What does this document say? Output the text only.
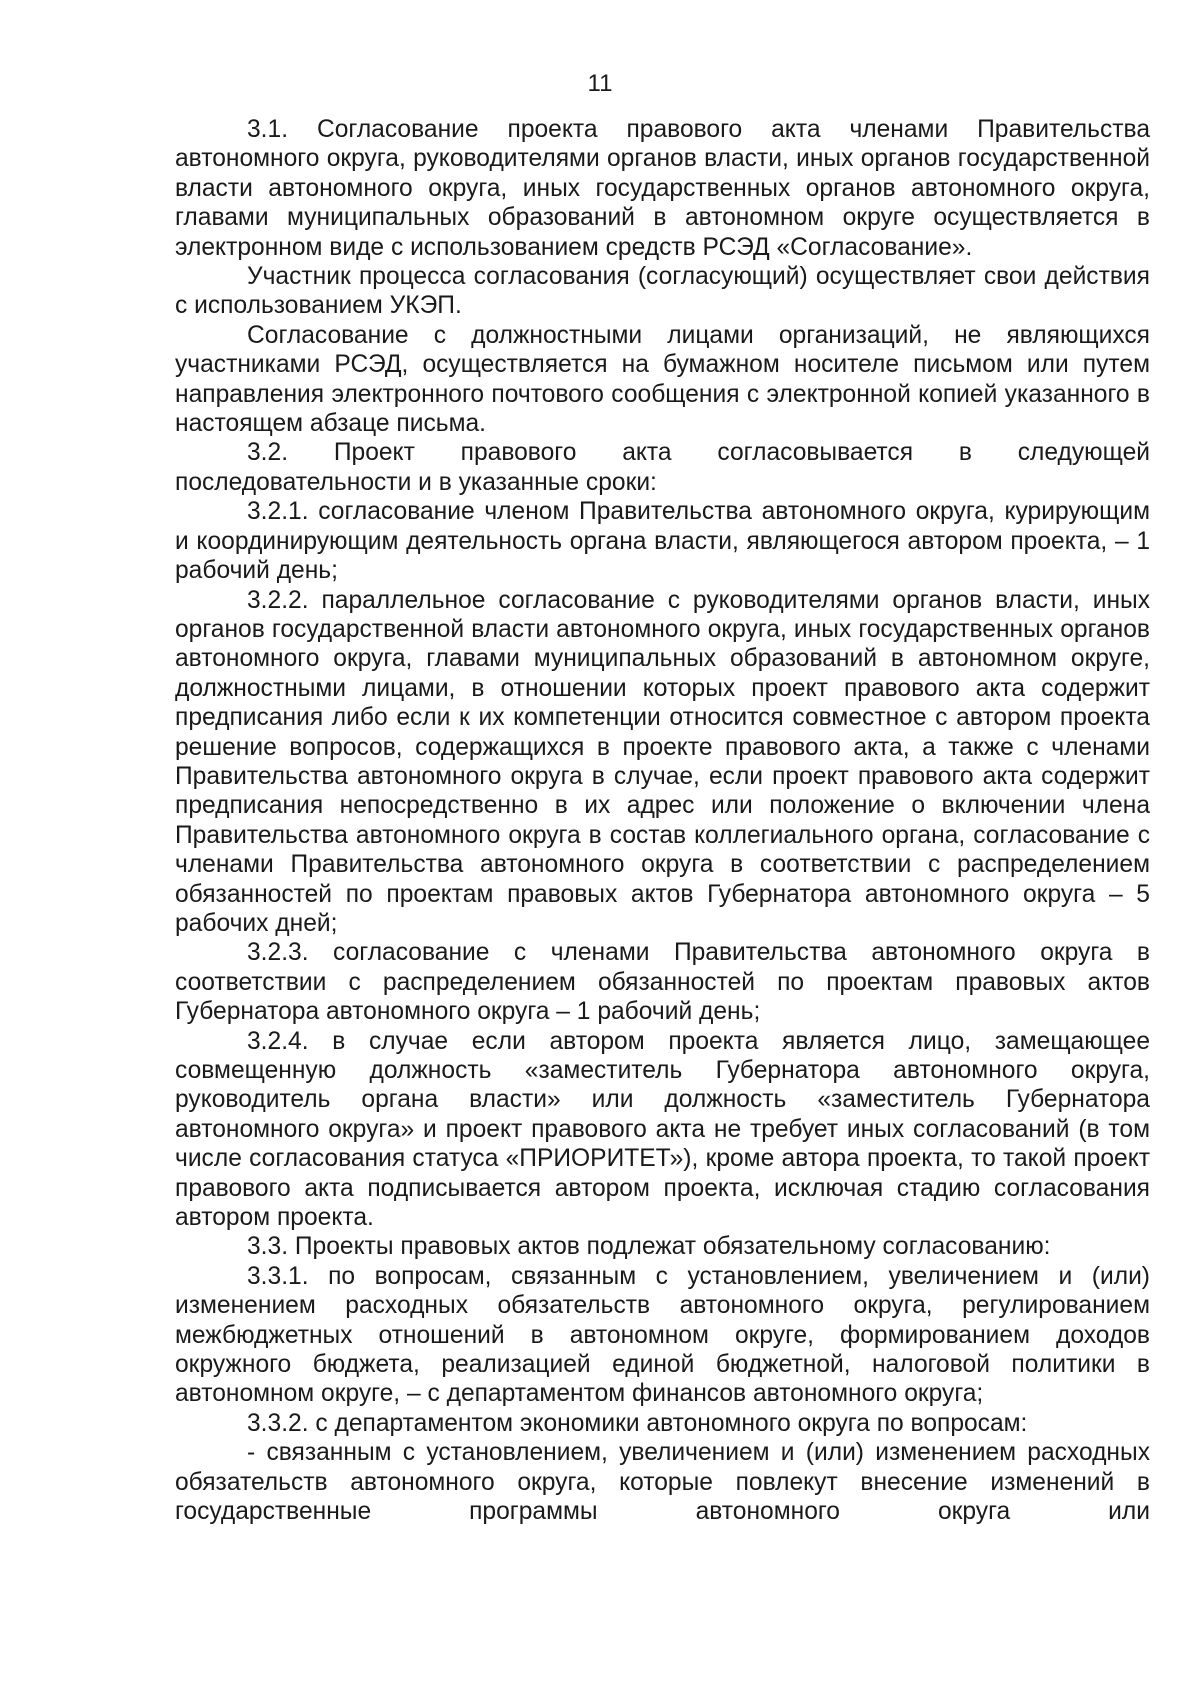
11

3.1. Согласование проекта правового акта членами Правительства автономного округа, руководителями органов власти, иных органов государственной власти автономного округа, иных государственных органов автономного округа, главами муниципальных образований в автономном округе осуществляется в электронном виде с использованием средств РСЭД «Согласование».

Участник процесса согласования (согласующий) осуществляет свои действия с использованием УКЭП.

Согласование с должностными лицами организаций, не являющихся участниками РСЭД, осуществляется на бумажном носителе письмом или путем направления электронного почтового сообщения с электронной копией указанного в настоящем абзаце письма.

3.2. Проект правового акта согласовывается в следующей последовательности и в указанные сроки:

3.2.1. согласование членом Правительства автономного округа, курирующим и координирующим деятельность органа власти, являющегося автором проекта, – 1 рабочий день;

3.2.2. параллельное согласование с руководителями органов власти, иных органов государственной власти автономного округа, иных государственных органов автономного округа, главами муниципальных образований в автономном округе, должностными лицами, в отношении которых проект правового акта содержит предписания либо если к их компетенции относится совместное с автором проекта решение вопросов, содержащихся в проекте правового акта, а также с членами Правительства автономного округа в случае, если проект правового акта содержит предписания непосредственно в их адрес или положение о включении члена Правительства автономного округа в состав коллегиального органа, согласование с членами Правительства автономного округа в соответствии с распределением обязанностей по проектам правовых актов Губернатора автономного округа – 5 рабочих дней;

3.2.3. согласование с членами Правительства автономного округа в соответствии с распределением обязанностей по проектам правовых актов Губернатора автономного округа – 1 рабочий день;

3.2.4. в случае если автором проекта является лицо, замещающее совмещенную должность «заместитель Губернатора автономного округа, руководитель органа власти» или должность «заместитель Губернатора автономного округа» и проект правового акта не требует иных согласований (в том числе согласования статуса «ПРИОРИТЕТ»), кроме автора проекта, то такой проект правового акта подписывается автором проекта, исключая стадию согласования автором проекта.

3.3. Проекты правовых актов подлежат обязательному согласованию:

3.3.1. по вопросам, связанным с установлением, увеличением и (или) изменением расходных обязательств автономного округа, регулированием межбюджетных отношений в автономном округе, формированием доходов окружного бюджета, реализацией единой бюджетной, налоговой политики в автономном округе, – с департаментом финансов автономного округа;

3.3.2. с департаментом экономики автономного округа по вопросам:

- связанным с установлением, увеличением и (или) изменением расходных обязательств автономного округа, которые повлекут внесение изменений в государственные программы автономного округа или
